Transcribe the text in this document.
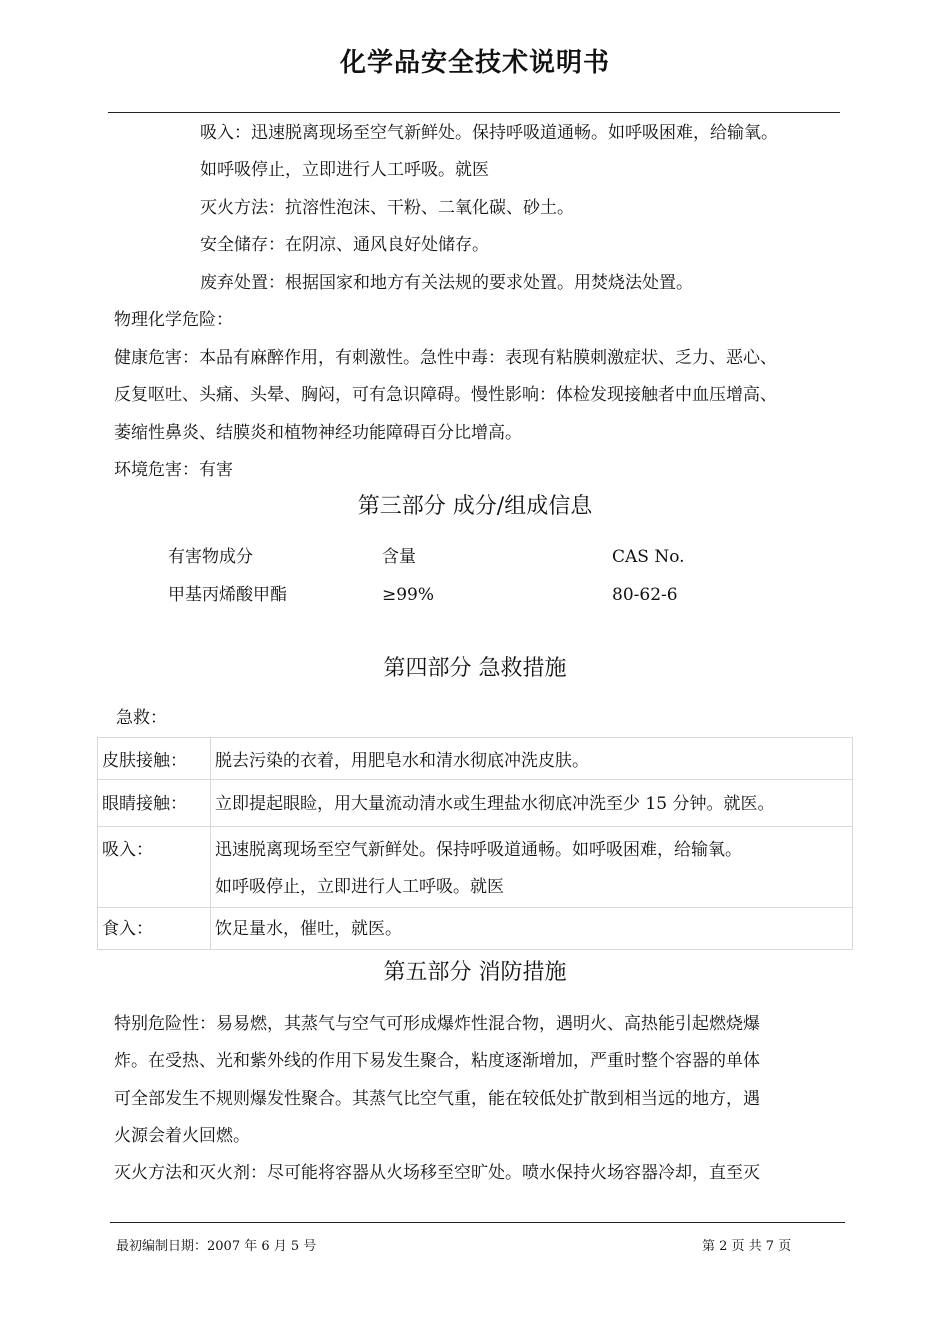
化学品安全技术说明书
吸入：迅速脱离现场至空气新鲜处。保持呼吸道通畅。如呼吸困难，给输氧。
如呼吸停止，立即进行人工呼吸。就医
灭火方法：抗溶性泡沫、干粉、二氧化碳、砂土。
安全储存：在阴凉、通风良好处储存。
废弃处置：根据国家和地方有关法规的要求处置。用焚烧法处置。
物理化学危险：
健康危害：本品有麻醉作用，有刺激性。急性中毒：表现有粘膜刺激症状、乏力、恶心、
反复呕吐、头痛、头晕、胸闷，可有急识障碍。慢性影响：体检发现接触者中血压增高、
萎缩性鼻炎、结膜炎和植物神经功能障碍百分比增高。
环境危害：有害
第三部分 成分/组成信息
有害物成分	含量	CAS No.
甲基丙烯酸甲酯	≥99%	80-62-6
第四部分 急救措施
急救：
皮肤接触：	脱去污染的衣着，用肥皂水和清水彻底冲洗皮肤。
眼睛接触：	立即提起眼睑，用大量流动清水或生理盐水彻底冲洗至少 15 分钟。就医。
吸入：	迅速脱离现场至空气新鲜处。保持呼吸道通畅。如呼吸困难，给输氧。
如呼吸停止，立即进行人工呼吸。就医

食入：	饮足量水，催吐，就医。
第五部分 消防措施
特别危险性：易易燃，其蒸气与空气可形成爆炸性混合物，遇明火、高热能引起燃烧爆
炸。在受热、光和紫外线的作用下易发生聚合，粘度逐渐增加，严重时整个容器的单体
可全部发生不规则爆发性聚合。其蒸气比空气重，能在较低处扩散到相当远的地方，遇
火源会着火回燃。
灭火方法和灭火剂：尽可能将容器从火场移至空旷处。喷水保持火场容器冷却，直至灭
最初编制日期：2007 年 6 月 5 号	第 2 页 共 7 页
